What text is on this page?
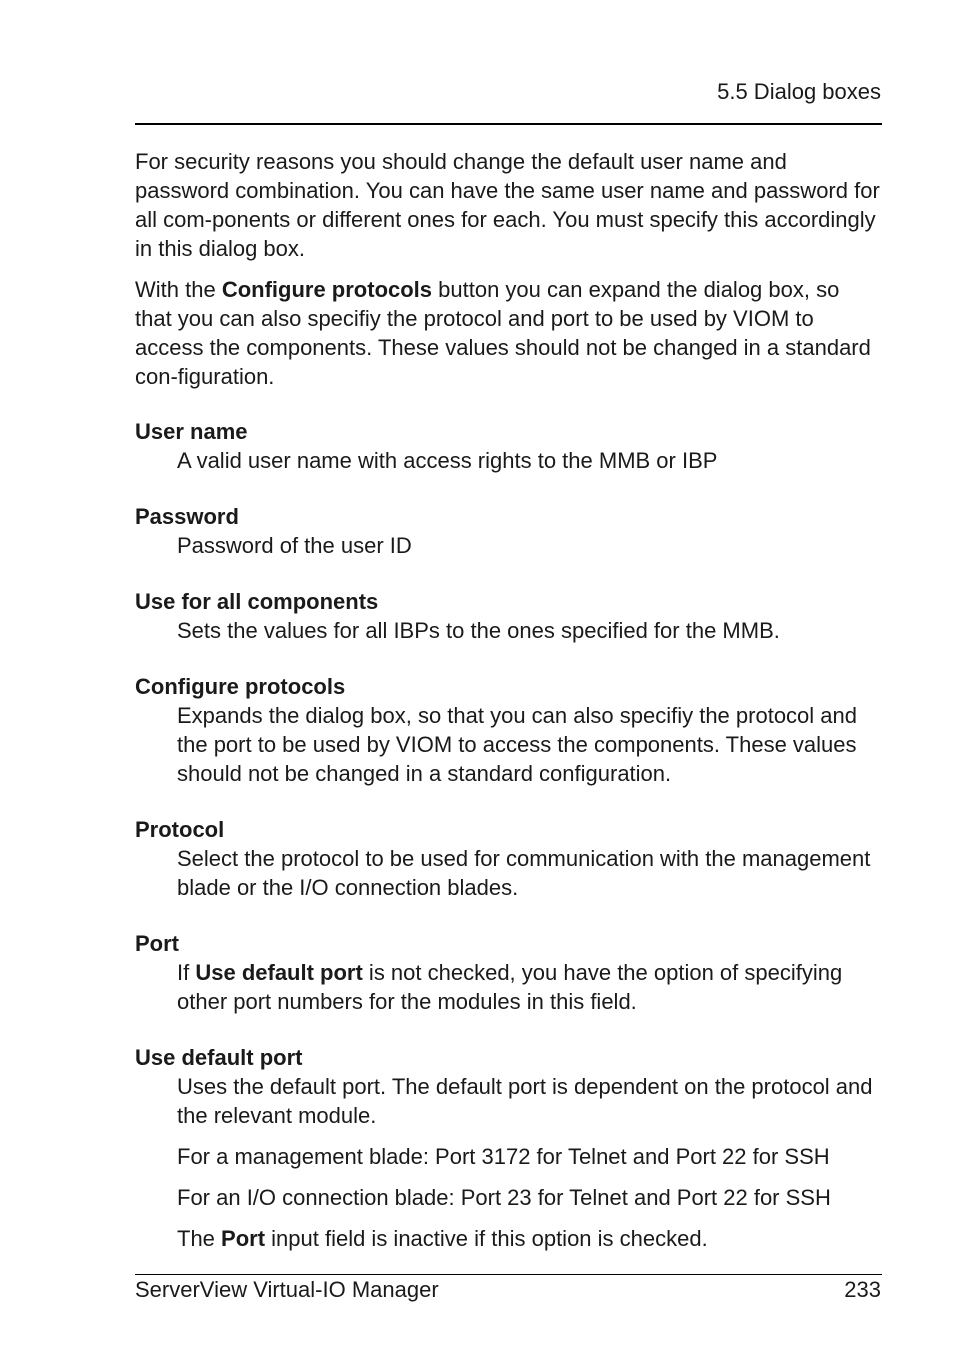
5.5 Dialog boxes

For security reasons you should change the default user name and password combination. You can have the same user name and password for all com-ponents or different ones for each. You must specify this accordingly in this dialog box.

With the Configure protocols button you can expand the dialog box, so that you can also specifiy the protocol and port to be used by VIOM to access the components. These values should not be changed in a standard con-figuration.

User name

A valid user name with access rights to the MMB or IBP

Password

Password of the user ID

Use for all components

Sets the values for all IBPs to the ones specified for the MMB.

Configure protocols

Expands the dialog box, so that you can also specifiy the protocol and the port to be used by VIOM to access the components. These values should not be changed in a standard configuration.

Protocol

Select the protocol to be used for communication with the management blade or the I/O connection blades.

Port

If Use default port is not checked, you have the option of specifying other port numbers for the modules in this field.

Use default port

Uses the default port. The default port is dependent on the protocol and the relevant module.

For a management blade: Port 3172 for Telnet and Port 22 for SSH

For an I/O connection blade: Port 23 for Telnet and Port 22 for SSH

The Port input field is inactive if this option is checked.

ServerView Virtual-IO Manager	233
